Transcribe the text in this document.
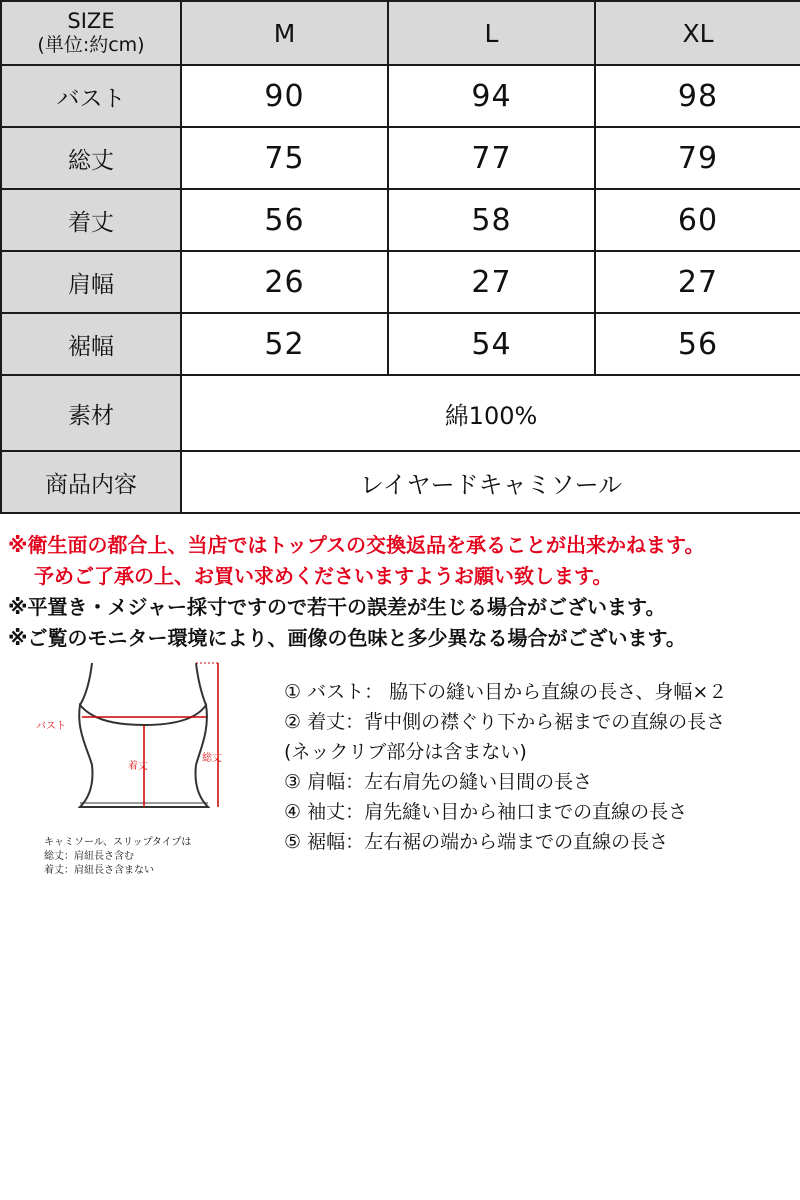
SIZE
(単位:約cm)	M	L	XL
バスト	90	94	98
総丈	75	77	79
着丈	56	58	60
肩幅	26	27	27
裾幅	52	54	56
素材	綿100%		
商品内容	レイヤードキャミソール		
※衛生面の都合上、当店ではトップスの交換返品を承ることが出来かねます。
予めご了承の上、お買い求めくださいますようお願い致します。
※平置き・メジャー採寸ですので若干の誤差が生じる場合がございます。
※ご覧のモニター環境により、画像の色味と多少異なる場合がございます。
バスト
着丈
総丈
キャミソール、スリップタイプは
総丈：肩紐長さ含む
着丈：肩紐長さ含まない
① バスト： 脇下の縫い目から直線の長さ、身幅×２
② 着丈：背中側の襟ぐり下から裾までの直線の長さ
(ネックリブ部分は含まない)
③ 肩幅：左右肩先の縫い目間の長さ
④ 袖丈：肩先縫い目から袖口までの直線の長さ
⑤ 裾幅：左右裾の端から端までの直線の長さ
